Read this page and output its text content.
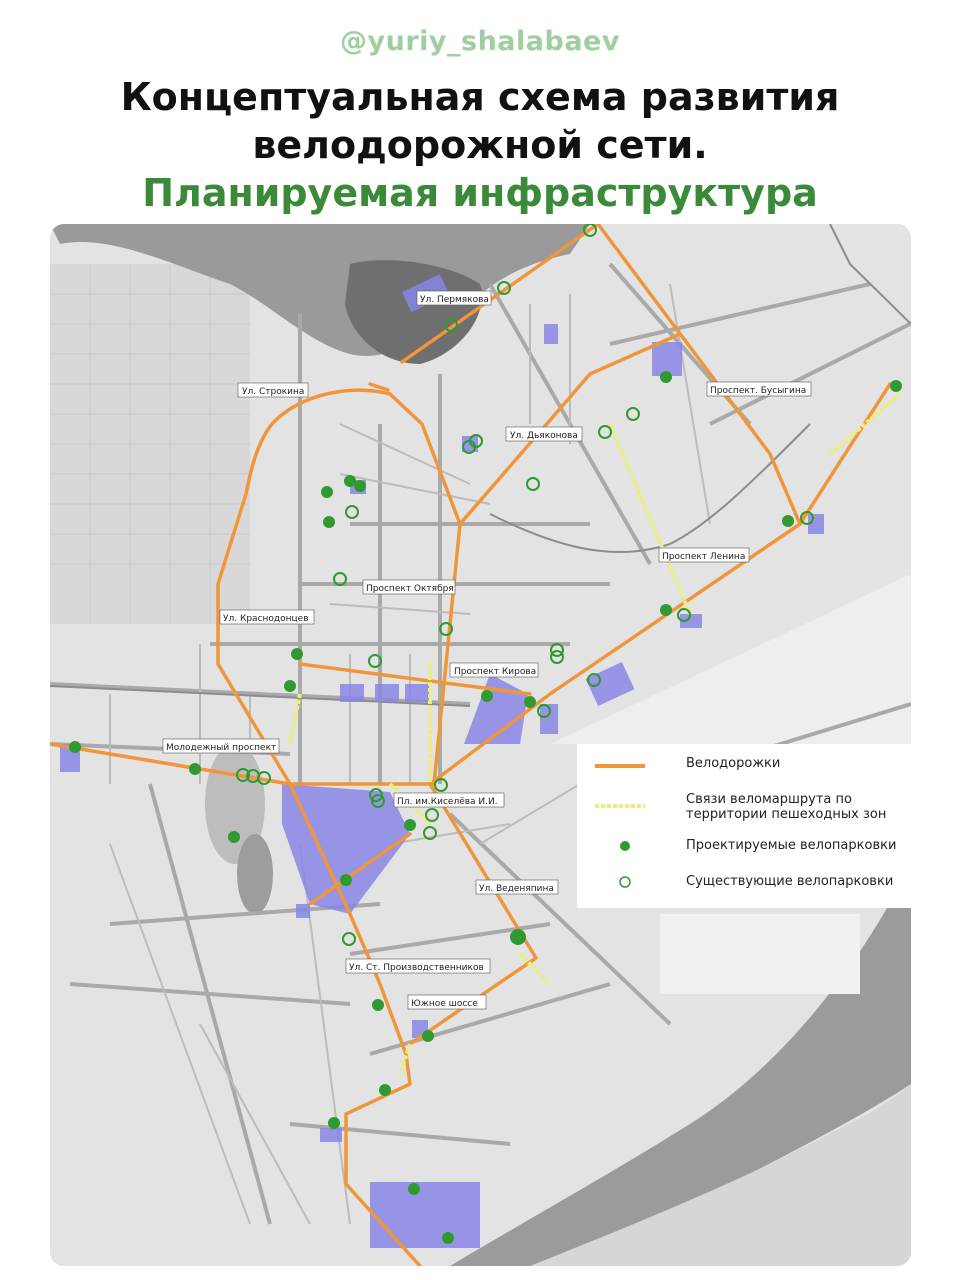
@yuriy_shalabaev
Концептуальная схема развития
велодорожной сети.
Планируемая инфраструктура
Ул. Пермякова
Ул. Строкина	Проспект. Бусыгина
Ул. Дьяконова
Проспект Ленина
Проспект Октября
Ул. Краснодонцев
Проспект Кирова
Молодежный проспект
Пл. им.Киселёва И.И.
Ул. Веденяпина
Ул. Ст. Производственников
Южное шоссе
Велодорожки
Связи веломаршрута по территории пешеходных зон
Проектируемые велопарковки
Существующие велопарковки
